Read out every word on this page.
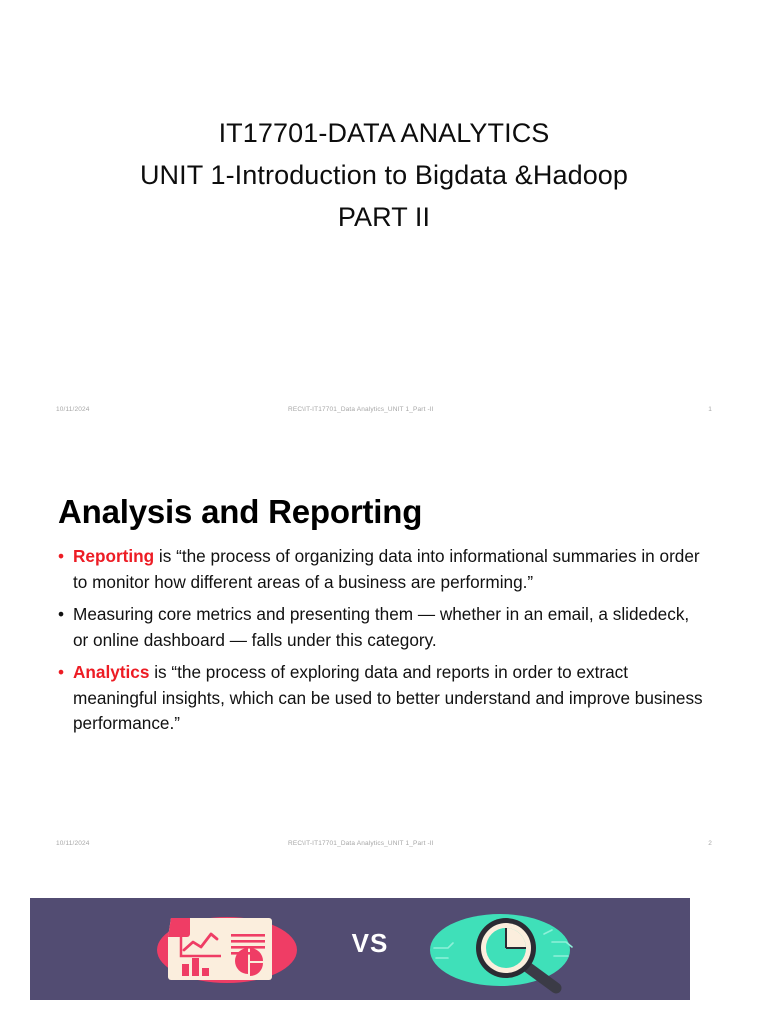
IT17701-DATA ANALYTICS
UNIT 1-Introduction to Bigdata &Hadoop
PART II
10/11/2024	REC\IT-IT17701_Data Analytics_UNIT 1_Part -II	1
Analysis and Reporting
• Reporting is “the process of organizing data into informational summaries in order to monitor how different areas of a business are performing.”
• Measuring core metrics and presenting them — whether in an email, a slidedeck, or online dashboard — falls under this category.
• Analytics is “the process of exploring data and reports in order to extract meaningful insights, which can be used to better understand and improve business performance.”
10/11/2024	REC\IT-IT17701_Data Analytics_UNIT 1_Part -II	2
VS
